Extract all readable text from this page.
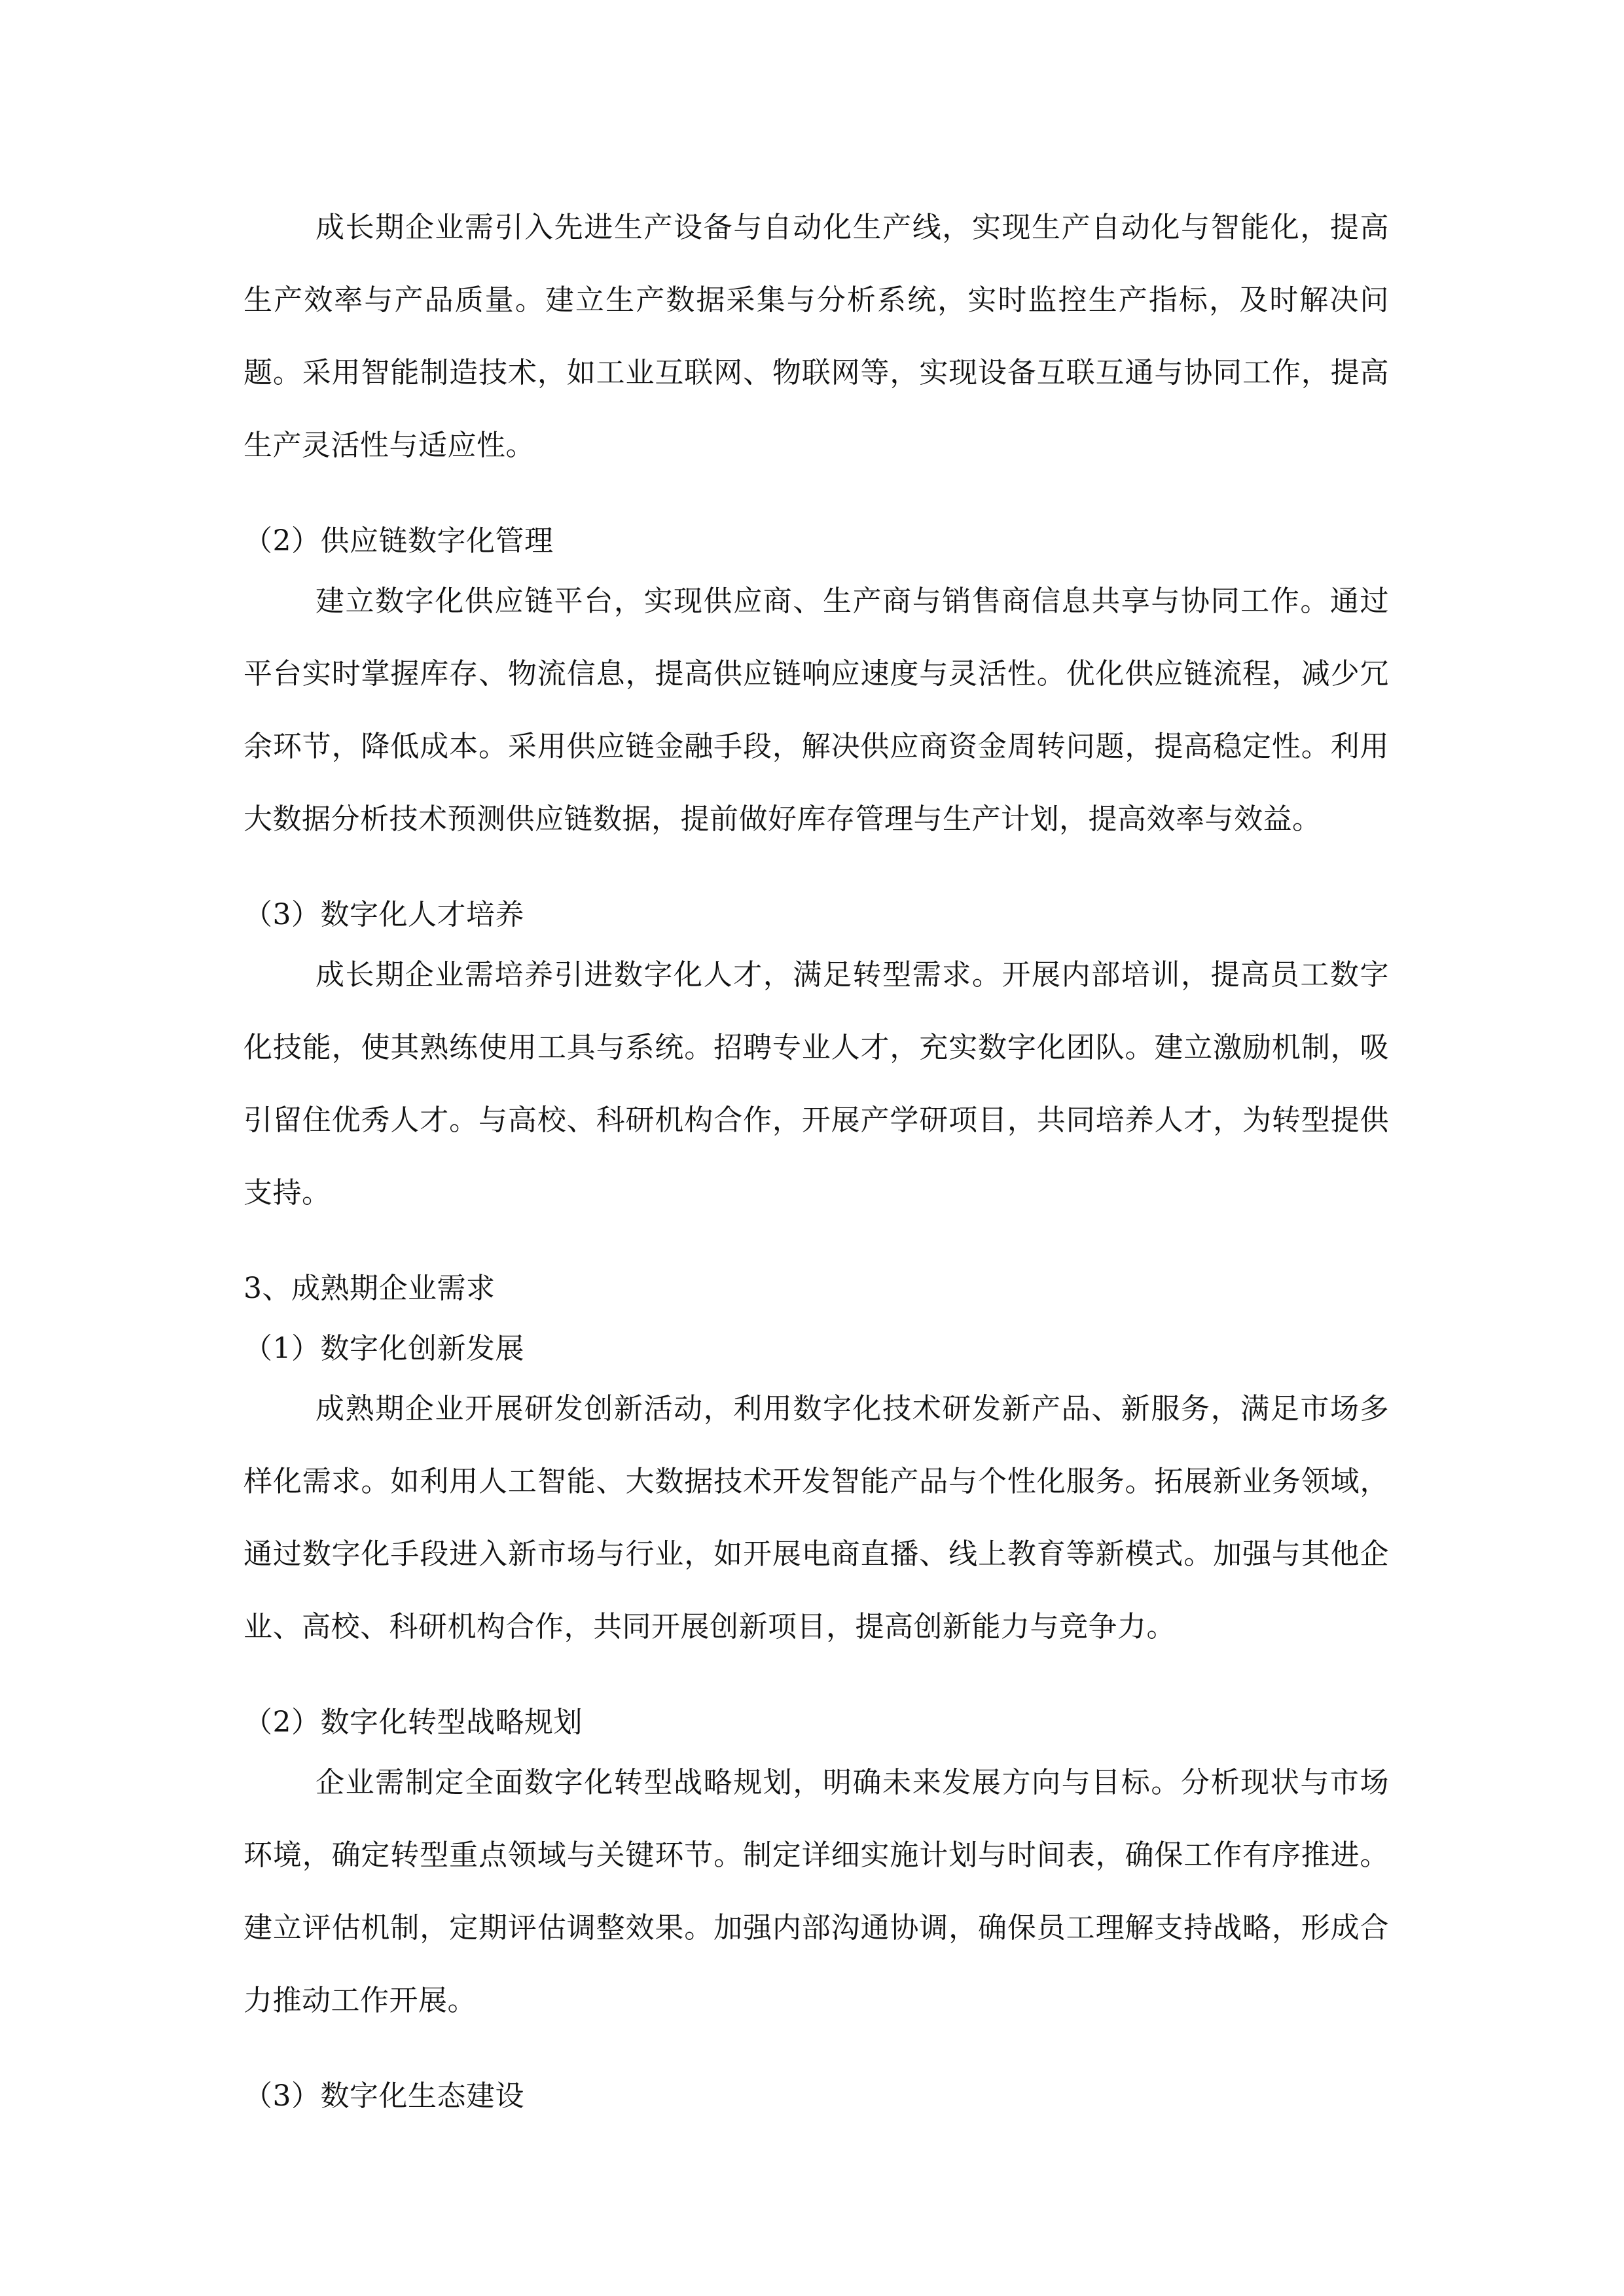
成长期企业需引入先进生产设备与自动化生产线，实现生产自动化与智能化，提高生产效率与产品质量。建立生产数据采集与分析系统，实时监控生产指标，及时解决问题。采用智能制造技术，如工业互联网、物联网等，实现设备互联互通与协同工作，提高生产灵活性与适应性。

（2）供应链数字化管理

建立数字化供应链平台，实现供应商、生产商与销售商信息共享与协同工作。通过平台实时掌握库存、物流信息，提高供应链响应速度与灵活性。优化供应链流程，减少冗余环节，降低成本。采用供应链金融手段，解决供应商资金周转问题，提高稳定性。利用大数据分析技术预测供应链数据，提前做好库存管理与生产计划，提高效率与效益。

（3）数字化人才培养

成长期企业需培养引进数字化人才，满足转型需求。开展内部培训，提高员工数字化技能，使其熟练使用工具与系统。招聘专业人才，充实数字化团队。建立激励机制，吸引留住优秀人才。与高校、科研机构合作，开展产学研项目，共同培养人才，为转型提供支持。

3、成熟期企业需求

（1）数字化创新发展

成熟期企业开展研发创新活动，利用数字化技术研发新产品、新服务，满足市场多样化需求。如利用人工智能、大数据技术开发智能产品与个性化服务。拓展新业务领域，通过数字化手段进入新市场与行业，如开展电商直播、线上教育等新模式。加强与其他企业、高校、科研机构合作，共同开展创新项目，提高创新能力与竞争力。

（2）数字化转型战略规划

企业需制定全面数字化转型战略规划，明确未来发展方向与目标。分析现状与市场环境，确定转型重点领域与关键环节。制定详细实施计划与时间表，确保工作有序推进。建立评估机制，定期评估调整效果。加强内部沟通协调，确保员工理解支持战略，形成合力推动工作开展。

（3）数字化生态建设
